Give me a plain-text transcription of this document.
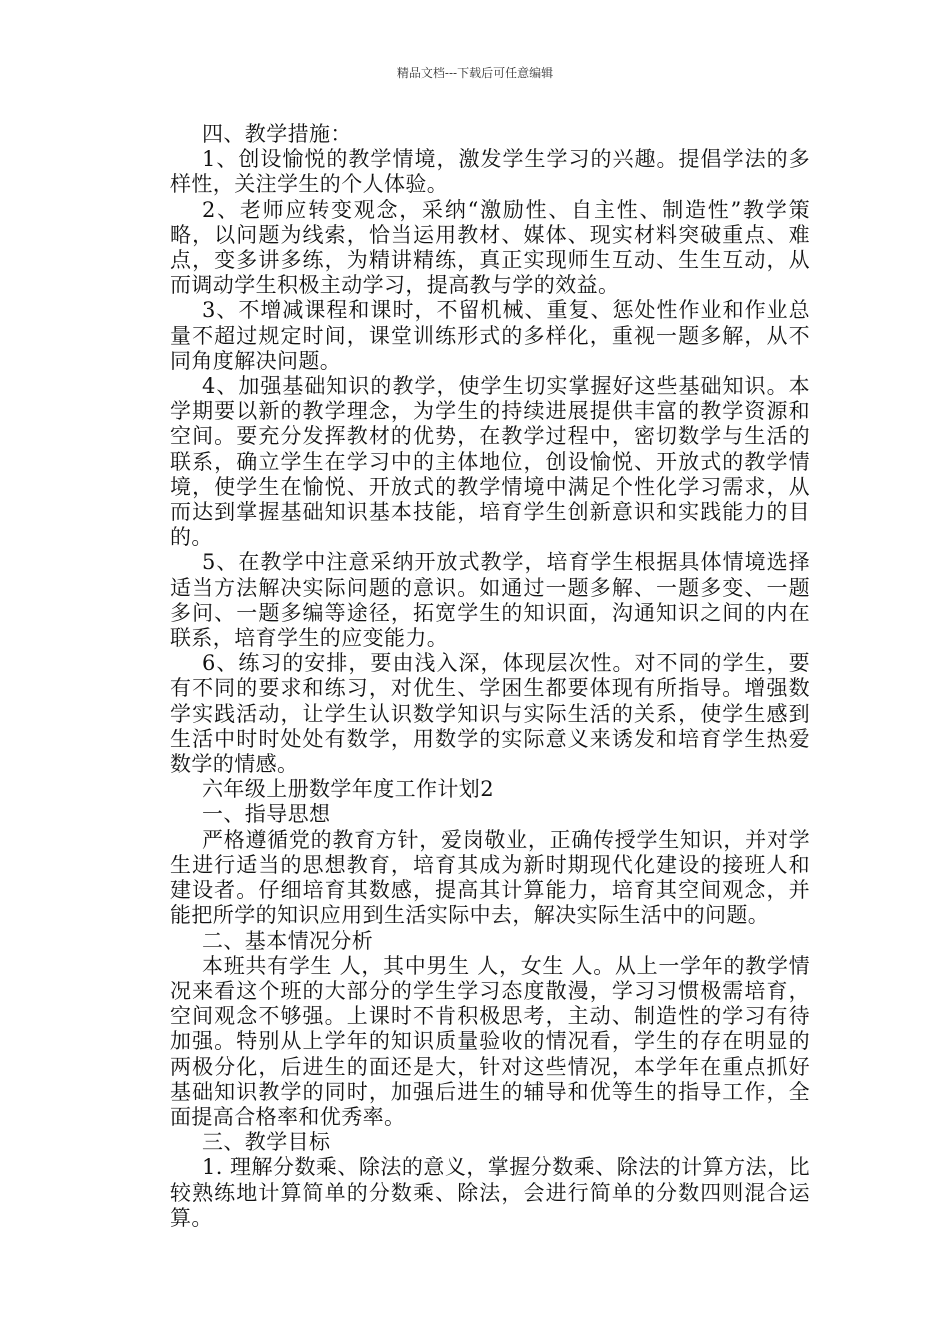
精品文档---下载后可任意编辑

四、教学措施：

1、创设愉悦的教学情境，激发学生学习的兴趣。提倡学法的多样性，关注学生的个人体验。

2、老师应转变观念，采纳“激励性、自主性、制造性”教学策略，以问题为线索，恰当运用教材、媒体、现实材料突破重点、难点，变多讲多练，为精讲精练，真正实现师生互动、生生互动，从而调动学生积极主动学习，提高教与学的效益。

3、不增减课程和课时，不留机械、重复、惩处性作业和作业总量不超过规定时间，课堂训练形式的多样化，重视一题多解，从不同角度解决问题。

4、加强基础知识的教学，使学生切实掌握好这些基础知识。本学期要以新的教学理念，为学生的持续进展提供丰富的教学资源和空间。要充分发挥教材的优势，在教学过程中，密切数学与生活的联系，确立学生在学习中的主体地位，创设愉悦、开放式的教学情境，使学生在愉悦、开放式的教学情境中满足个性化学习需求，从而达到掌握基础知识基本技能，培育学生创新意识和实践能力的目的。

5、在教学中注意采纳开放式教学，培育学生根据具体情境选择适当方法解决实际问题的意识。如通过一题多解、一题多变、一题多问、一题多编等途径，拓宽学生的知识面，沟通知识之间的内在联系，培育学生的应变能力。

6、练习的安排，要由浅入深，体现层次性。对不同的学生，要有不同的要求和练习，对优生、学困生都要体现有所指导。增强数学实践活动，让学生认识数学知识与实际生活的关系，使学生感到生活中时时处处有数学，用数学的实际意义来诱发和培育学生热爱数学的情感。

六年级上册数学年度工作计划2

一、指导思想

严格遵循党的教育方针，爱岗敬业，正确传授学生知识，并对学生进行适当的思想教育，培育其成为新时期现代化建设的接班人和建设者。仔细培育其数感，提高其计算能力，培育其空间观念，并能把所学的知识应用到生活实际中去，解决实际生活中的问题。

二、基本情况分析

本班共有学生 人，其中男生 人，女生 人。从上一学年的教学情况来看这个班的大部分的学生学习态度散漫，学习习惯极需培育，空间观念不够强。上课时不肯积极思考，主动、制造性的学习有待加强。特别从上学年的知识质量验收的情况看，学生的存在明显的两极分化，后进生的面还是大，针对这些情况，本学年在重点抓好基础知识教学的同时，加强后进生的辅导和优等生的指导工作，全面提高合格率和优秀率。

三、教学目标

1. 理解分数乘、除法的意义，掌握分数乘、除法的计算方法，比较熟练地计算简单的分数乘、除法，会进行简单的分数四则混合运算。
